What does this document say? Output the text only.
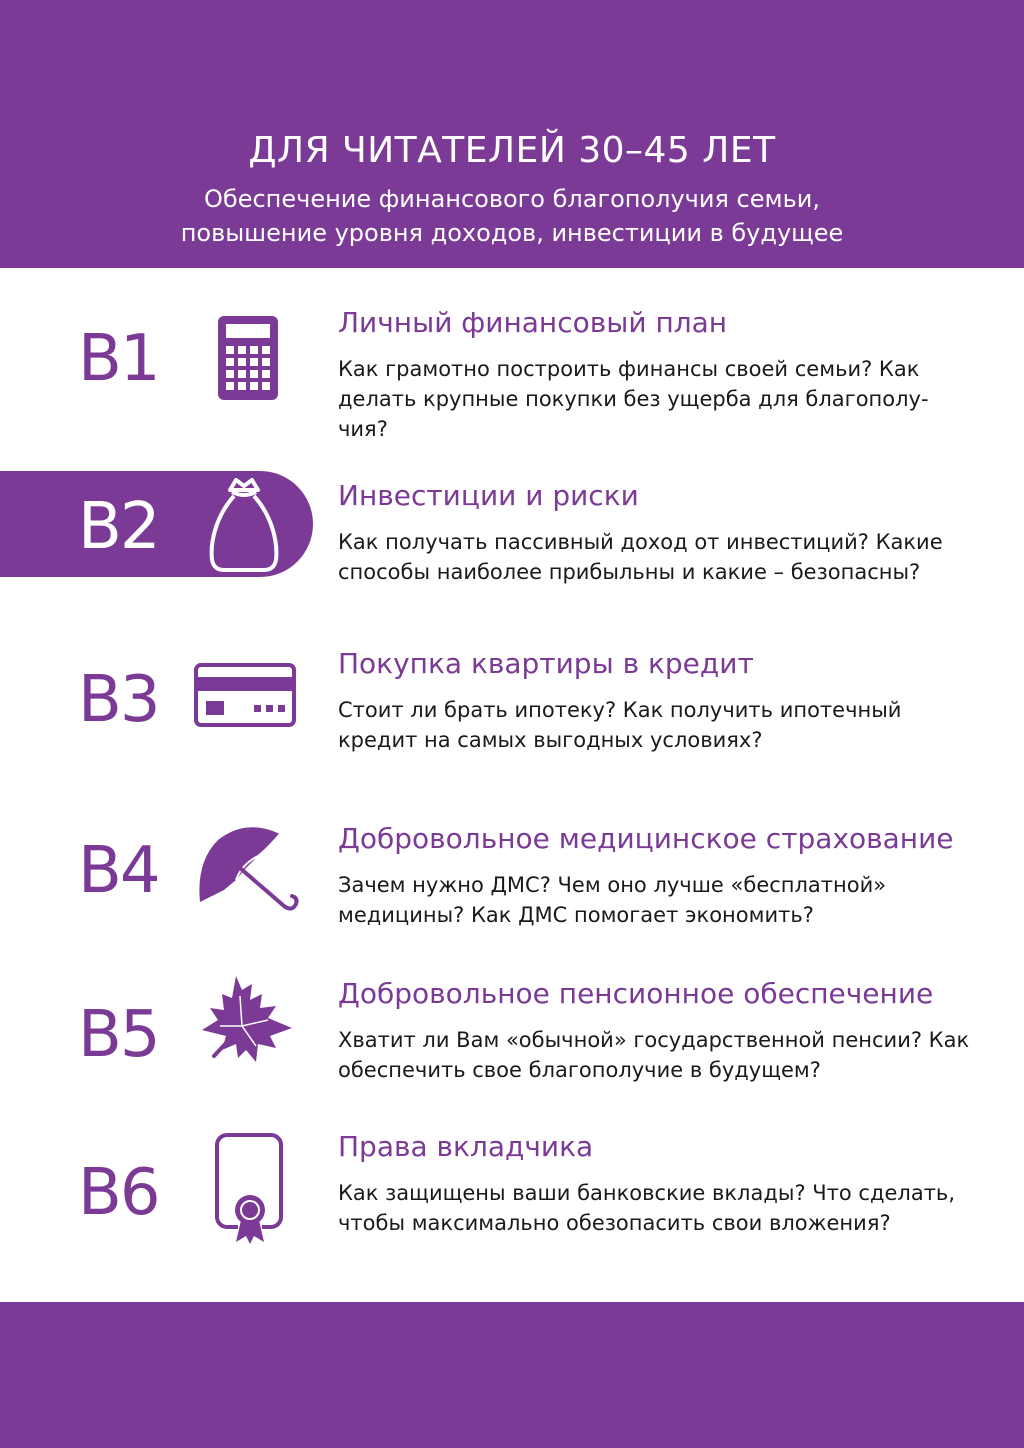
ДЛЯ ЧИТАТЕЛЕЙ 30–45 ЛЕТ
Обеспечение финансового благополучия семьи,
повышение уровня доходов, инвестиции в будущее
B1	Личный финансовый план
Как грамотно построить финансы своей семьи? Как делать крупные покупки без ущерба для благополу-чия?
B2	Инвестиции и риски
Как получать пассивный доход от инвестиций? Какие способы наиболее прибыльны и какие – безопасны?
B3	Покупка квартиры в кредит
Стоит ли брать ипотеку? Как получить ипотечный кредит на самых выгодных условиях?
B4	Добровольное медицинское страхование
Зачем нужно ДМС? Чем оно лучше «бесплатной» медицины? Как ДМС помогает экономить?
B5
Добровольное пенсионное обеспечение
Хватит ли Вам «обычной» государственной пенсии? Как обеспечить свое благополучие в будущем?
B6
Права вкладчика
Как защищены ваши банковские вклады? Что сделать, чтобы максимально обезопасить свои вложения?
